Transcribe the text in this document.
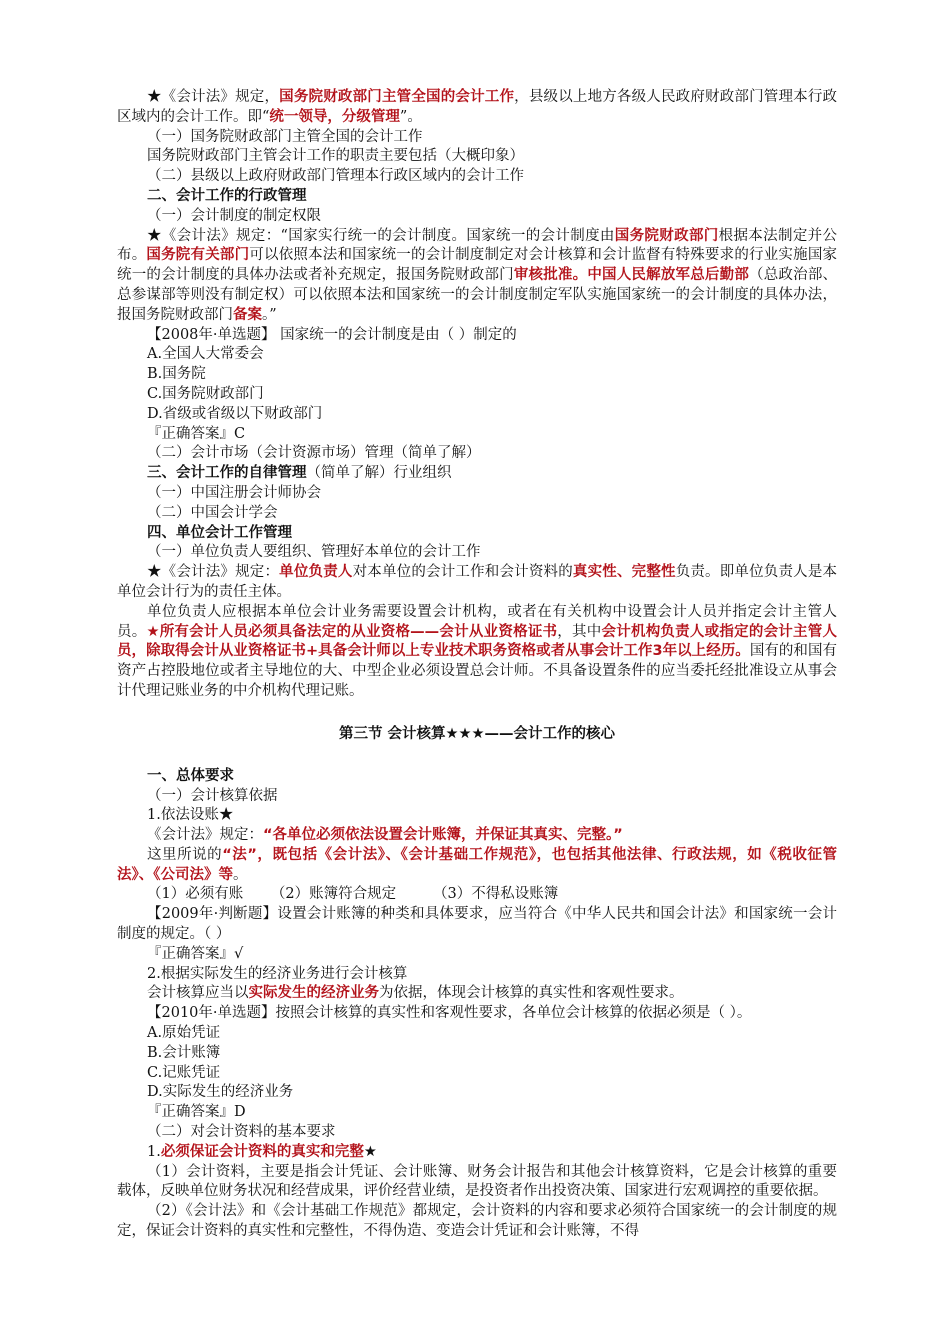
★《会计法》规定，国务院财政部门主管全国的会计工作，县级以上地方各级人民政府财政部门管理本行政区域内的会计工作。即“统一领导，分级管理”。

（一）国务院财政部门主管全国的会计工作

国务院财政部门主管会计工作的职责主要包括（大概印象）

（二）县级以上政府财政部门管理本行政区域内的会计工作

二、会计工作的行政管理

（一）会计制度的制定权限

★《会计法》规定：“国家实行统一的会计制度。国家统一的会计制度由国务院财政部门根据本法制定并公布。国务院有关部门可以依照本法和国家统一的会计制度制定对会计核算和会计监督有特殊要求的行业实施国家统一的会计制度的具体办法或者补充规定，报国务院财政部门审核批准。中国人民解放军总后勤部（总政治部、总参谋部等则没有制定权）可以依照本法和国家统一的会计制度制定军队实施国家统一的会计制度的具体办法，报国务院财政部门备案。”

【2008年·单选题】 国家统一的会计制度是由（ ）制定的

A.全国人大常委会

B.国务院

C.国务院财政部门

D.省级或省级以下财政部门

『正确答案』C

（二）会计市场（会计资源市场）管理（简单了解）

三、会计工作的自律管理（简单了解）行业组织

（一）中国注册会计师协会

（二）中国会计学会

四、单位会计工作管理

（一）单位负责人要组织、管理好本单位的会计工作

★《会计法》规定：单位负责人对本单位的会计工作和会计资料的真实性、完整性负责。即单位负责人是本单位会计行为的责任主体。

单位负责人应根据本单位会计业务需要设置会计机构，或者在有关机构中设置会计人员并指定会计主管人员。★所有会计人员必须具备法定的从业资格——会计从业资格证书，其中会计机构负责人或指定的会计主管人员，除取得会计从业资格证书+具备会计师以上专业技术职务资格或者从事会计工作3年以上经历。国有的和国有资产占控股地位或者主导地位的大、中型企业必须设置总会计师。不具备设置条件的应当委托经批准设立从事会计代理记账业务的中介机构代理记账。

第三节 会计核算★★★——会计工作的核心

一、总体要求

（一）会计核算依据

1.依法设账★

《会计法》规定：“各单位必须依法设置会计账簿，并保证其真实、完整。”

这里所说的“法”，既包括《会计法》、《会计基础工作规范》，也包括其他法律、行政法规，如《税收征管法》、《公司法》等。

（1）必须有账      （2）账簿符合规定        （3）不得私设账簿

【2009年·判断题】设置会计账簿的种类和具体要求，应当符合《中华人民共和国会计法》和国家统一会计制度的规定。（ ）

『正确答案』√

2.根据实际发生的经济业务进行会计核算

会计核算应当以实际发生的经济业务为依据，体现会计核算的真实性和客观性要求。

【2010年·单选题】按照会计核算的真实性和客观性要求，各单位会计核算的依据必须是（ ）。

A.原始凭证

B.会计账簿

C.记账凭证

D.实际发生的经济业务

『正确答案』D

（二）对会计资料的基本要求

1.必须保证会计资料的真实和完整★

（1）会计资料，主要是指会计凭证、会计账簿、财务会计报告和其他会计核算资料，它是会计核算的重要载体，反映单位财务状况和经营成果，评价经营业绩，是投资者作出投资决策、国家进行宏观调控的重要依据。

（2）《会计法》和《会计基础工作规范》都规定，会计资料的内容和要求必须符合国家统一的会计制度的规定，保证会计资料的真实性和完整性，不得伪造、变造会计凭证和会计账簿，不得
